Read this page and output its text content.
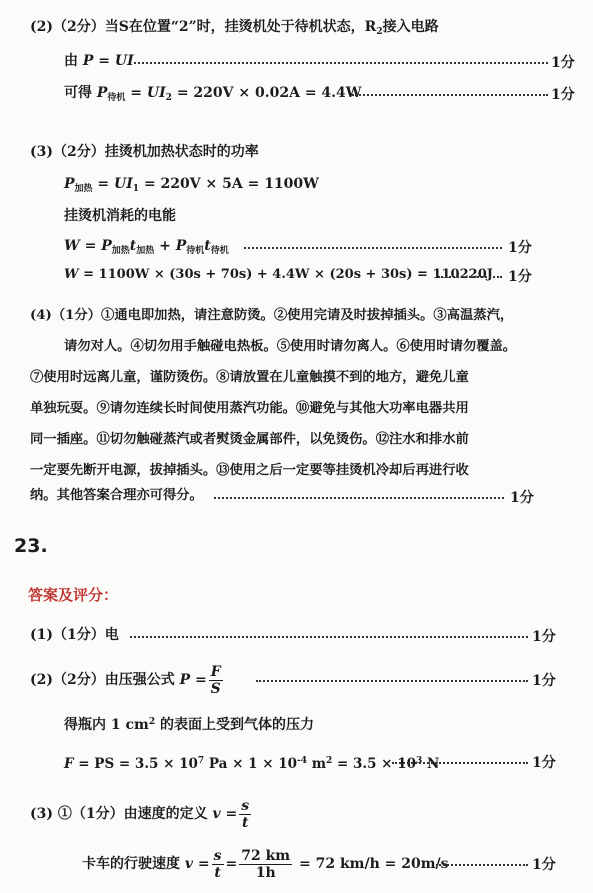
(2)（2分）当S在位置“2”时，挂烫机处于待机状态，$R_2$接入电路
由 P = UI	1分
可得 $P_{待机} = UI_2 = 220V \times 0.02A = 4.4W$	1分
(3)（2分）挂烫机加热状态时的功率
$P_{加热} = UI_1 = 220V \times 5A = 1100W$
挂烫机消耗的电能
$W = P_{加热}t_{加热} + P_{待机}t_{待机}$	1分
W = 1100W × (30s + 70s) + 4.4W × (20s + 30s) = 110220J 1分
(4)（1分）①通电即加热，请注意防烫。②使用完请及时拔掉插头。③高温蒸汽，
请勿对人。④切勿用手触碰电热板。⑤使用时请勿离人。⑥使用时请勿覆盖。
⑦使用时远离儿童，谨防烫伤。⑧请放置在儿童触摸不到的地方，避免儿童
单独玩耍。⑨请勿连续长时间使用蒸汽功能。⑩避免与其他大功率电器共用
同一插座。⑪切勿触碰蒸汽或者熨烫金属部件，以免烫伤。⑫注水和排水前
一定要先断开电源，拔掉插头。⑬使用之后一定要等挂烫机冷却后再进行收
纳。其他答案合理亦可得分。	1分
23.
答案及评分：
(1)（1分）电	1分
(2)（2分）由压强公式 $P = \frac{F}{S}$	1分
得瓶内 1 $cm^2$ 的表面上受到气体的压力
F = PS = $3.5 \times 10^7$ $Pa \times 1 \times 10^{-4}$ $m^2 = 3.5 \times 10^3$ N	1分
(3) ①（1分）由速度的定义 $v = \frac{s}{t}$
卡车的行驶速度 $v = \frac{s}{t} = \frac{72 km}{1h} = 72$ km/h = 20m/s	1分
